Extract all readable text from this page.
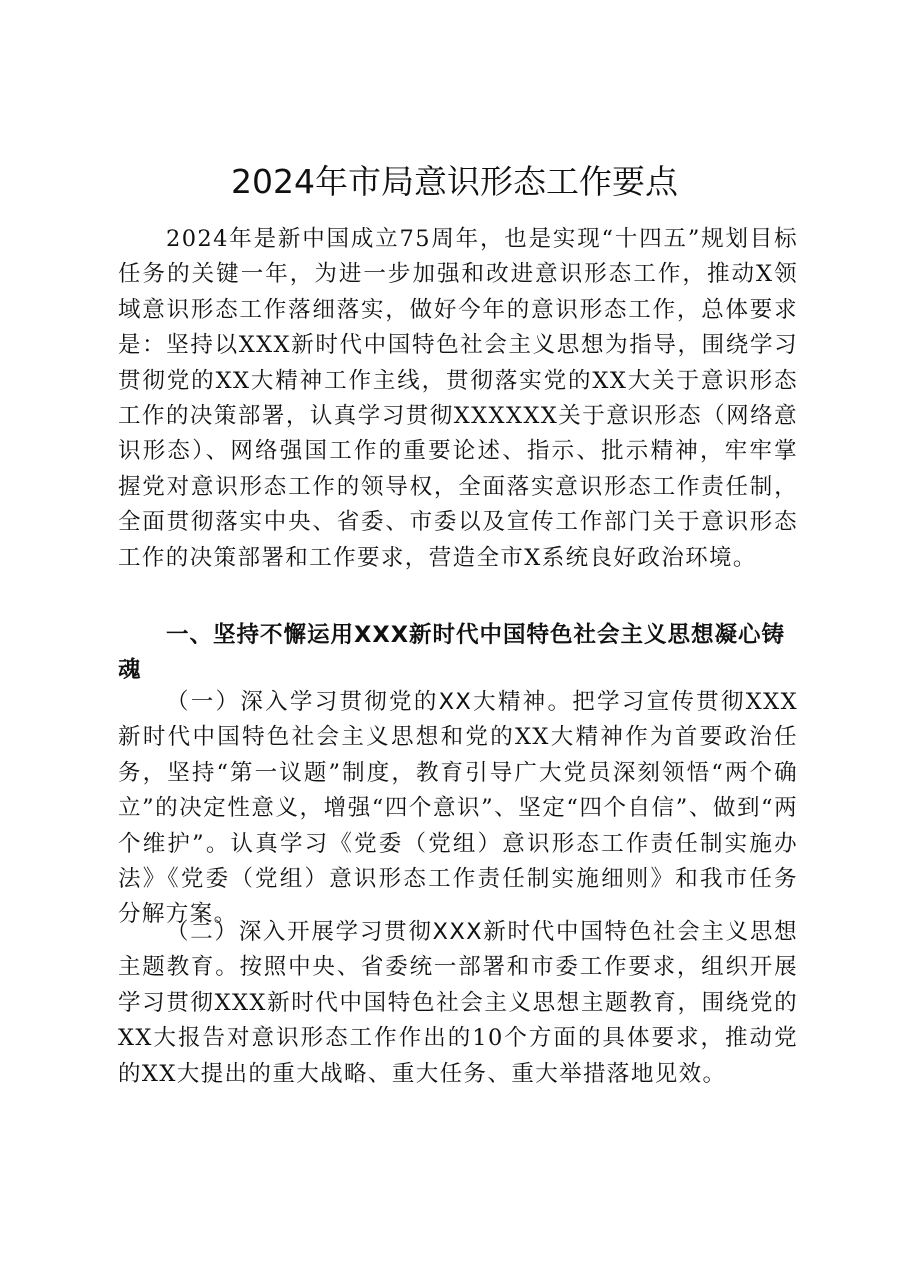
2024年市局意识形态工作要点

2024年是新中国成立75周年，也是实现“十四五”规划目标任务的关键一年，为进一步加强和改进意识形态工作，推动X领域意识形态工作落细落实，做好今年的意识形态工作，总体要求是：坚持以XXX新时代中国特色社会主义思想为指导，围绕学习贯彻党的XX大精神工作主线，贯彻落实党的XX大关于意识形态工作的决策部署，认真学习贯彻XXXXXX关于意识形态（网络意识形态）、网络强国工作的重要论述、指示、批示精神，牢牢掌握党对意识形态工作的领导权，全面落实意识形态工作责任制，全面贯彻落实中央、省委、市委以及宣传工作部门关于意识形态工作的决策部署和工作要求，营造全市X系统良好政治环境。

一、坚持不懈运用XXX新时代中国特色社会主义思想凝心铸魂

（一）深入学习贯彻党的XX大精神。把学习宣传贯彻XXX新时代中国特色社会主义思想和党的XX大精神作为首要政治任务，坚持“第一议题”制度，教育引导广大党员深刻领悟“两个确立”的决定性意义，增强“四个意识”、坚定“四个自信”、做到“两个维护”。认真学习《党委（党组）意识形态工作责任制实施办法》《党委（党组）意识形态工作责任制实施细则》和我市任务分解方案。

（二）深入开展学习贯彻XXX新时代中国特色社会主义思想主题教育。按照中央、省委统一部署和市委工作要求，组织开展学习贯彻XXX新时代中国特色社会主义思想主题教育，围绕党的XX大报告对意识形态工作作出的10个方面的具体要求，推动党的XX大提出的重大战略、重大任务、重大举措落地见效。
